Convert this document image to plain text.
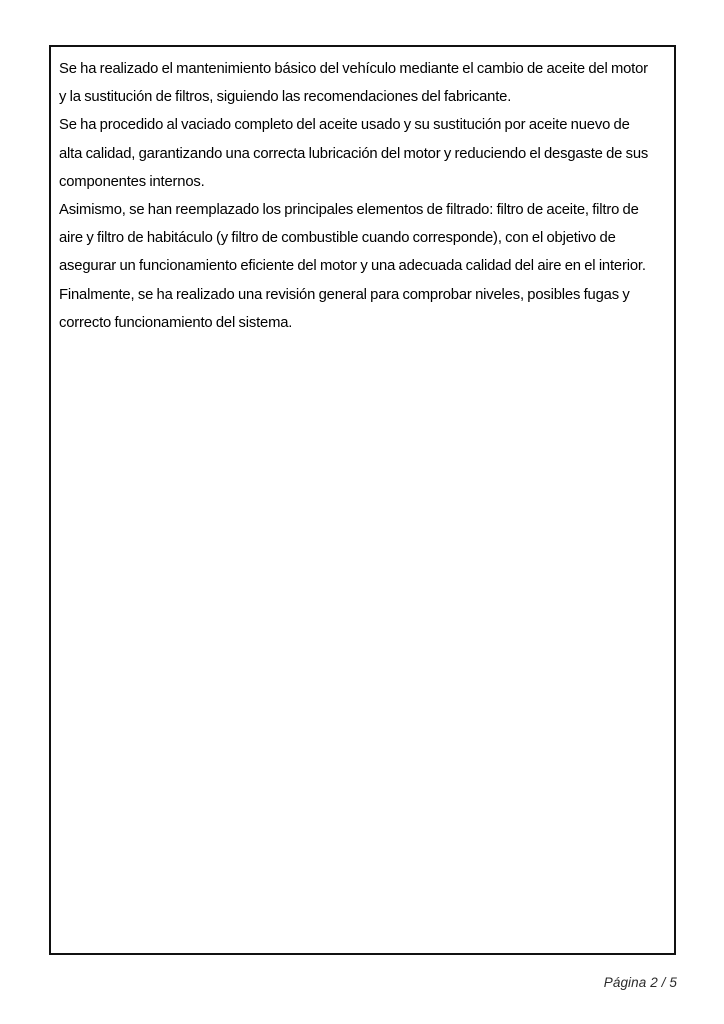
Se ha realizado el mantenimiento básico del vehículo mediante el cambio de aceite del motor y la sustitución de filtros, siguiendo las recomendaciones del fabricante.

Se ha procedido al vaciado completo del aceite usado y su sustitución por aceite nuevo de alta calidad, garantizando una correcta lubricación del motor y reduciendo el desgaste de sus componentes internos.

Asimismo, se han reemplazado los principales elementos de filtrado: filtro de aceite, filtro de aire y filtro de habitáculo (y filtro de combustible cuando corresponde), con el objetivo de asegurar un funcionamiento eficiente del motor y una adecuada calidad del aire en el interior.

Finalmente, se ha realizado una revisión general para comprobar niveles, posibles fugas y correcto funcionamiento del sistema.

Página 2 / 5
